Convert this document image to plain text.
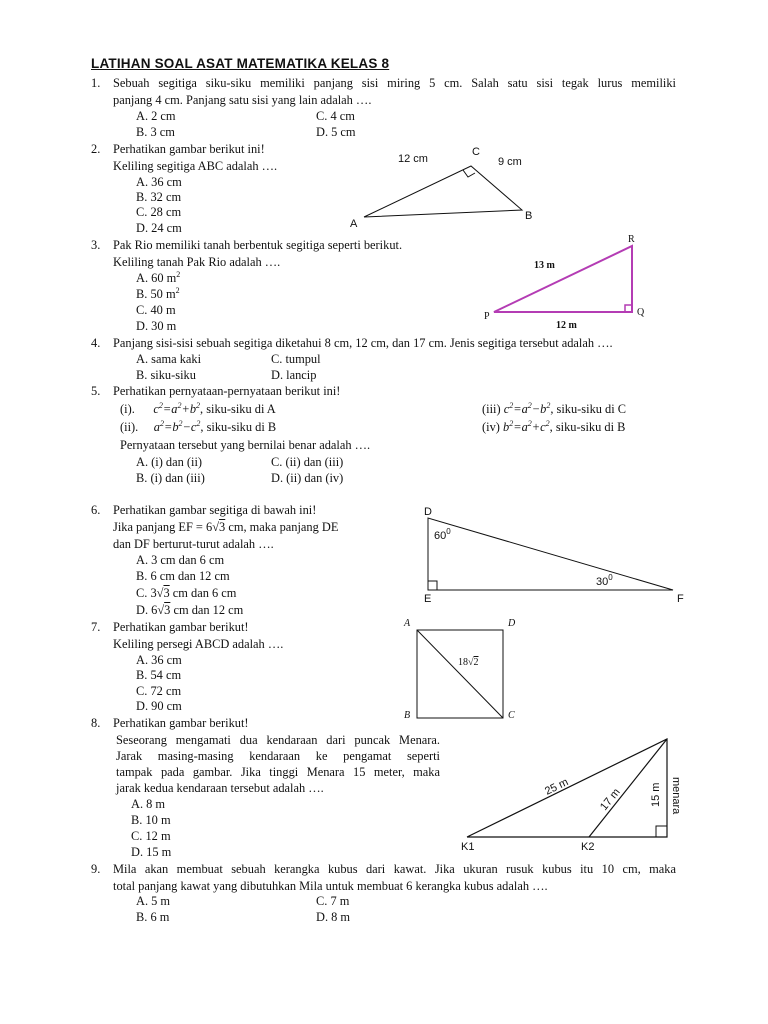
LATIHAN SOAL ASAT MATEMATIKA KELAS 8
1. Sebuah segitiga siku-siku memiliki panjang sisi miring 5 cm. Salah satu sisi tegak lurus memiliki
panjang 4 cm. Panjang satu sisi yang lain adalah ….
A. 2 cm
B. 3 cm
C. 4 cm
D. 5 cm
2. Perhatikan gambar berikut ini!
Keliling segitiga ABC adalah ….
A. 36 cm
B. 32 cm
C. 28 cm
D. 24 cm
12 cm	9 cm
C
A
B
3. Pak Rio memiliki tanah berbentuk segitiga seperti berikut.
Keliling tanah Pak Rio adalah ….
A. 60 $m^2$
B. 50 $m^2$
C. 40 m
D. 30 m
R
P	Q
13 m
12 m
4. Panjang sisi-sisi sebuah segitiga diketahui 8 cm, 12 cm, dan 17 cm. Jenis segitiga tersebut adalah ….
A. sama kaki
B. siku-siku
C. tumpul
D. lancip
5. Perhatikan pernyataan-pernyataan berikut ini!
(i). $c^2=a^2+b^2$, siku-siku di A
(ii). $a^2=b^2-c^2$, siku-siku di B
(iii) $c^2=a^2-b^2$, siku-siku di C
(iv) $b^2=a^2+c^2$, siku-siku di B
Pernyataan tersebut yang bernilai benar adalah ….
A. (i) dan (ii)
B. (i) dan (iii)
C. (ii) dan (iii)
D. (ii) dan (iv)
6. Perhatikan gambar segitiga di bawah ini!
Jika panjang EF = 6√3 cm, maka panjang DE
dan DF berturut-turut adalah ….
A. 3 cm dan 6 cm
B. 6 cm dan 12 cm
C. 3√3 cm dan 6 cm
D. 6√3 cm dan 12 cm
D
E	F
$60^0$
$30^0$
7. Perhatikan gambar berikut!
Keliling persegi ABCD adalah ….
A. 36 cm
B. 54 cm
C. 72 cm
D. 90 cm
A	D
B	C
18√2
8. Perhatikan gambar berikut!
Seseorang mengamati dua kendaraan dari puncak Menara.
Jarak masing-masing kendaraan ke pengamat seperti
tampak pada gambar. Jika tinggi Menara 15 meter, maka
jarak kedua kendaraan tersebut adalah ….
A. 8 m
B. 10 m
C. 12 m
D. 15 m	K1	K2
25 m	17 m 15 m menara
9. Mila akan membuat sebuah kerangka kubus dari kawat. Jika ukuran rusuk kubus itu 10 cm, maka
total panjang kawat yang dibutuhkan Mila untuk membuat 6 kerangka kubus adalah ….
A. 5 m
B. 6 m
C. 7 m
D. 8 m
